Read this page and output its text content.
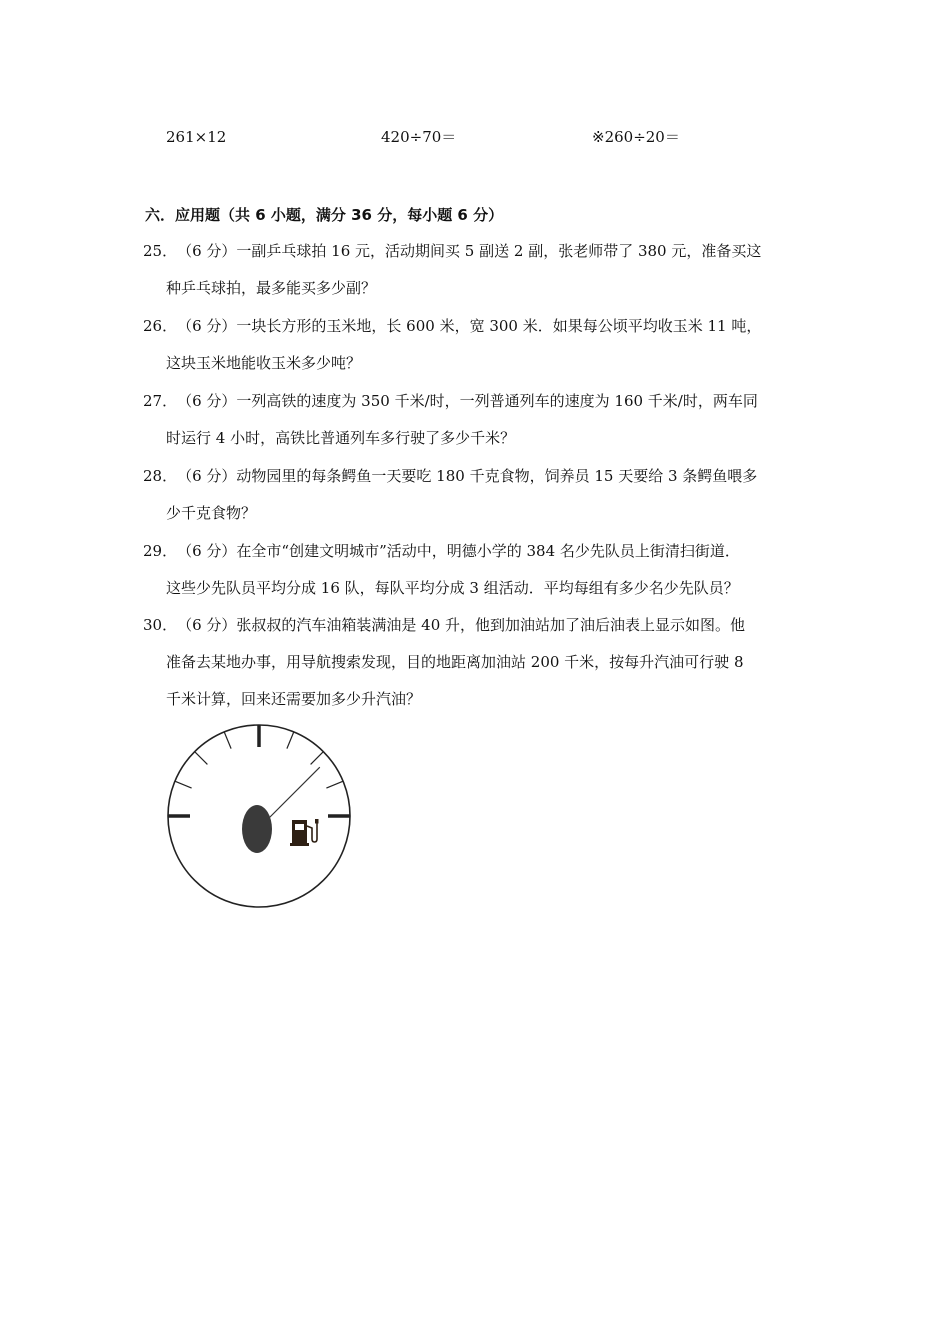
261×12	420÷70＝	※260÷20＝
六．应用题（共 6 小题，满分 36 分，每小题 6 分）
25．（6 分）一副乒乓球拍 16 元，活动期间买 5 副送 2 副，张老师带了 380 元，准备买这
种乒乓球拍，最多能买多少副？
26．（6 分）一块长方形的玉米地，长 600 米，宽 300 米．如果每公顷平均收玉米 11 吨，
这块玉米地能收玉米多少吨？
27．（6 分）一列高铁的速度为 350 千米/时，一列普通列车的速度为 160 千米/时，两车同
时运行 4 小时，高铁比普通列车多行驶了多少千米？
28．（6 分）动物园里的每条鳄鱼一天要吃 180 千克食物，饲养员 15 天要给 3 条鳄鱼喂多
少千克食物？
29．（6 分）在全市“创建文明城市”活动中，明德小学的 384 名少先队员上街清扫街道．
这些少先队员平均分成 16 队，每队平均分成 3 组活动．平均每组有多少名少先队员？
30．（6 分）张叔叔的汽车油箱装满油是 40 升，他到加油站加了油后油表上显示如图。他
准备去某地办事，用导航搜索发现，目的地距离加油站 200 千米，按每升汽油可行驶 8
千米计算，回来还需要加多少升汽油？
